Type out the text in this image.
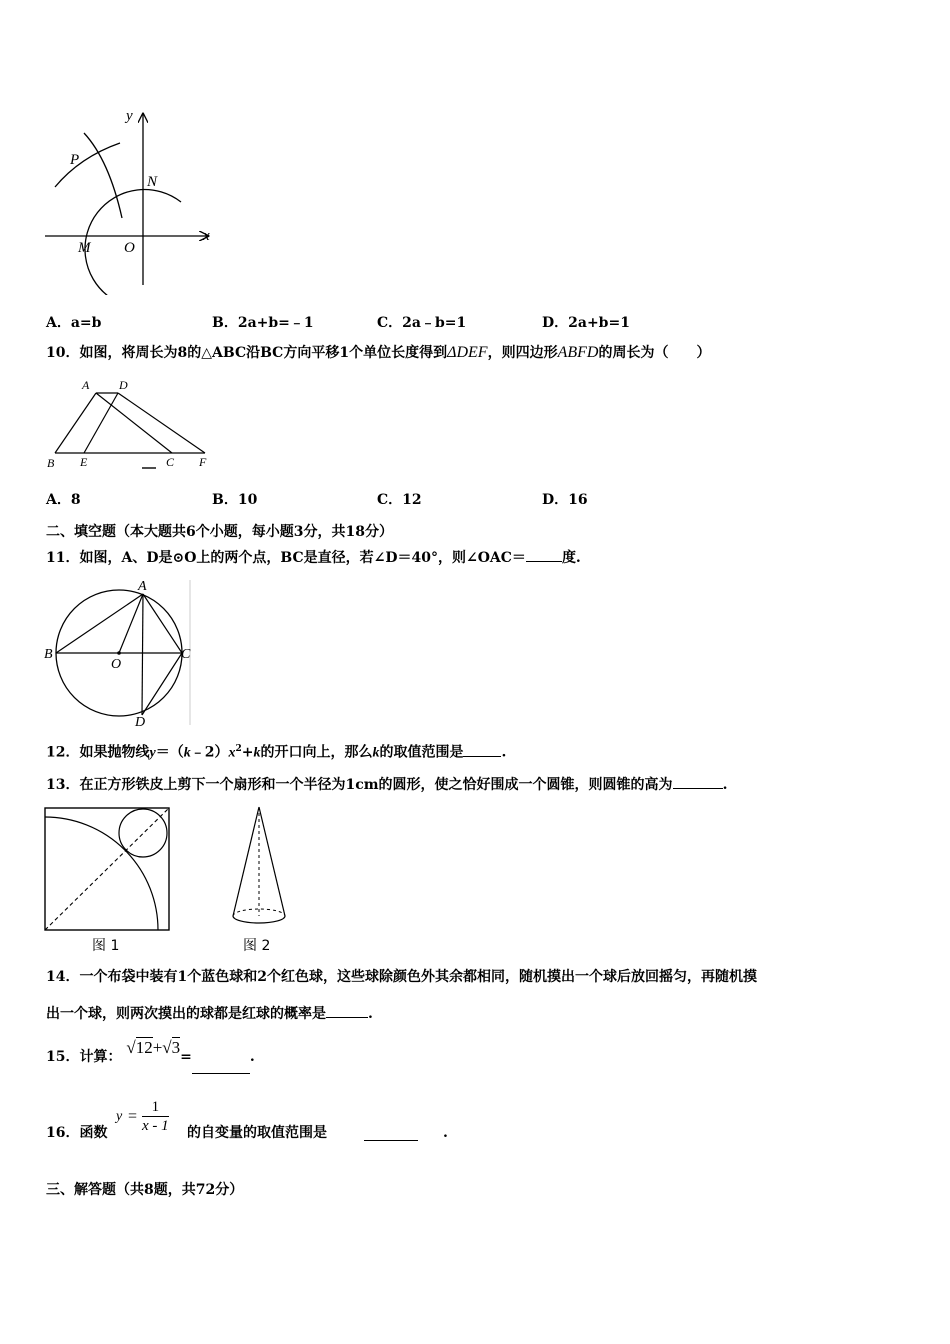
y
x
P
N
M O
A．a=b	B．2a+b=﹣1	C．2a﹣b=1	D．2a+b=1
10．如图，将周长为8的△ABC沿BC方向平移1个单位长度得到ΔDEF，则四边形ABFD的周长为（　　）
A D
B E	C F
A．8	B．10	C．12	D．16
二、填空题（本大题共6个小题，每小题3分，共18分）
11．如图，A、D是⊙O上的两个点，BC是直径，若∠D＝40°，则∠OAC＝	度.
A
B
O
C
D
12．如果抛物线$y=(k﹣2)x^2+k$的开口向上，那么k的取值范围是	.
13．在正方形铁皮上剪下一个扇形和一个半径为1cm的圆形，使之恰好围成一个圆锥，则圆锥的高为	.
图 1	图 2
14．一个布袋中装有1个蓝色球和2个红色球，这些球除颜色外其余都相同，随机摸出一个球后放回摇匀，再随机摸
出一个球，则两次摸出的球都是红球的概率是	.
15．计算： √12+√3=	.
16．函数
$y = \frac{1}{x - 1}$ 的自变量的取值范围是	.
三、解答题（共8题，共72分）
